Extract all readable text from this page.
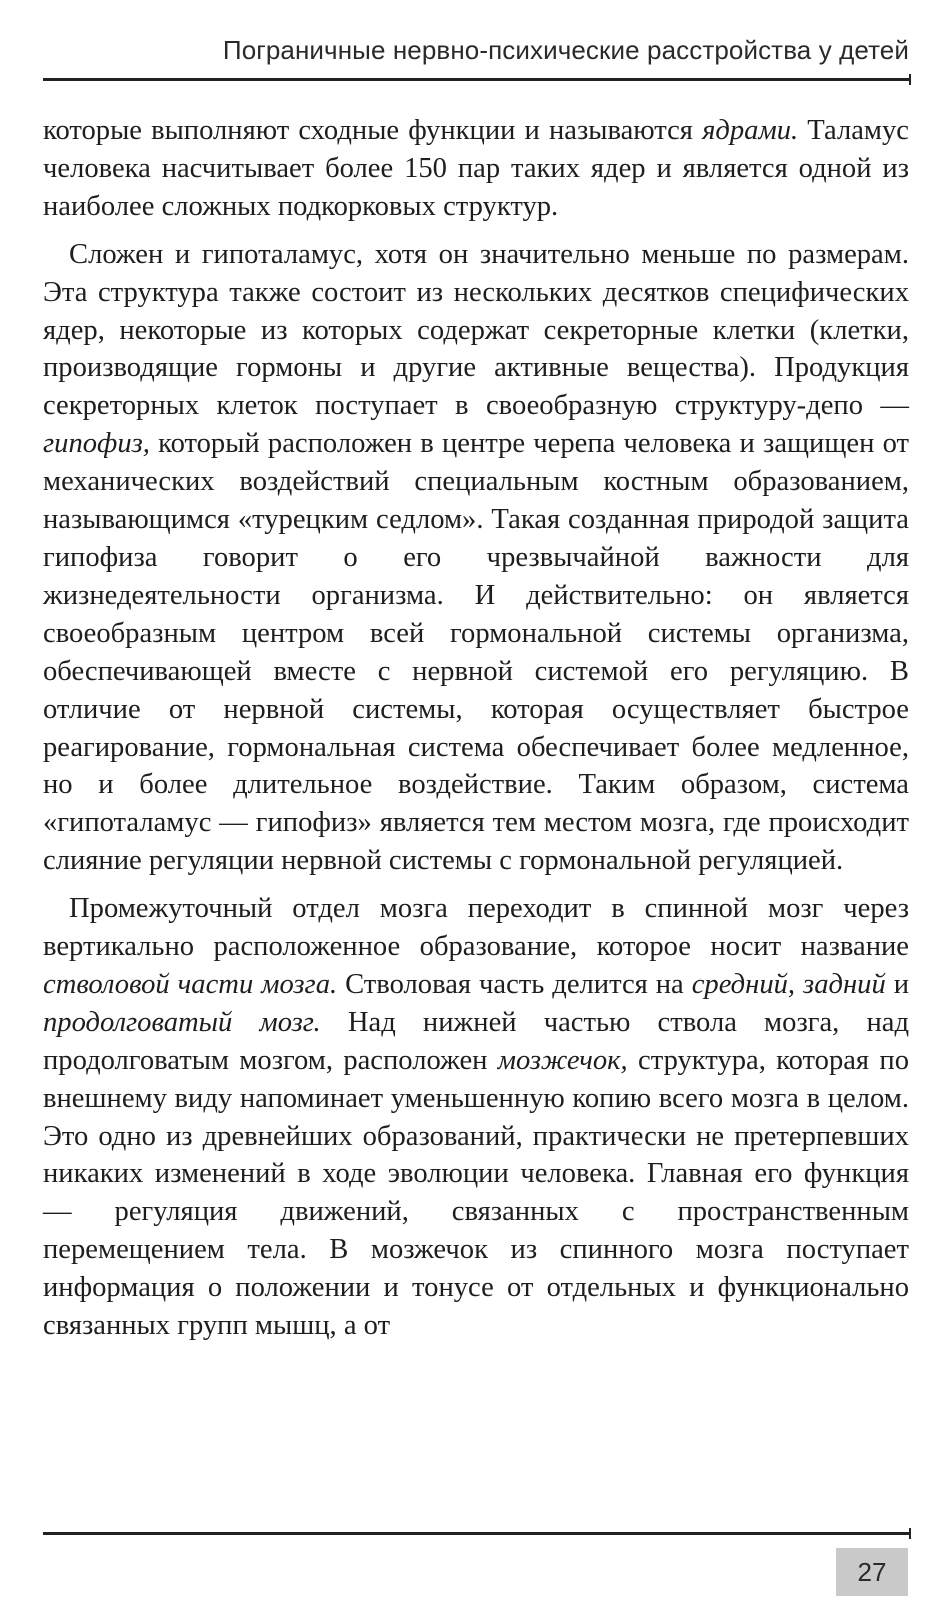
Пограничные нервно-психические расстройства у детей

которые выполняют сходные функции и называются ядрами. Таламус человека насчитывает более 150 пар таких ядер и является одной из наиболее сложных подкорковых структур.

Сложен и гипоталамус, хотя он значительно меньше по размерам. Эта структура также состоит из нескольких десятков специфических ядер, некоторые из которых содержат секреторные клетки (клетки, производящие гормоны и другие активные вещества). Продукция секреторных клеток поступает в своеобразную структуру-депо — гипофиз, который расположен в центре черепа человека и защищен от механических воздействий специальным костным образованием, называющимся «турецким седлом». Такая созданная природой защита гипофиза говорит о его чрезвычайной важности для жизнедеятельности организма. И действительно: он является своеобразным центром всей гормональной системы организма, обеспечивающей вместе с нервной системой его регуляцию. В отличие от нервной системы, которая осуществляет быстрое реагирование, гормональная система обеспечивает более медленное, но и более длительное воздействие. Таким образом, система «гипоталамус — гипофиз» является тем местом мозга, где происходит слияние регуляции нервной системы с гормональной регуляцией.

Промежуточный отдел мозга переходит в спинной мозг через вертикально расположенное образование, которое носит название стволовой части мозга. Стволовая часть делится на средний, задний и продолговатый мозг. Над нижней частью ствола мозга, над продолговатым мозгом, расположен мозжечок, структура, которая по внешнему виду напоминает уменьшенную копию всего мозга в целом. Это одно из древнейших образований, практически не претерпевших никаких изменений в ходе эволюции человека. Главная его функция — регуляция движений, связанных с пространственным перемещением тела. В мозжечок из спинного мозга поступает информация о положении и тонусе от отдельных и функционально связанных групп мышц, а от

27
